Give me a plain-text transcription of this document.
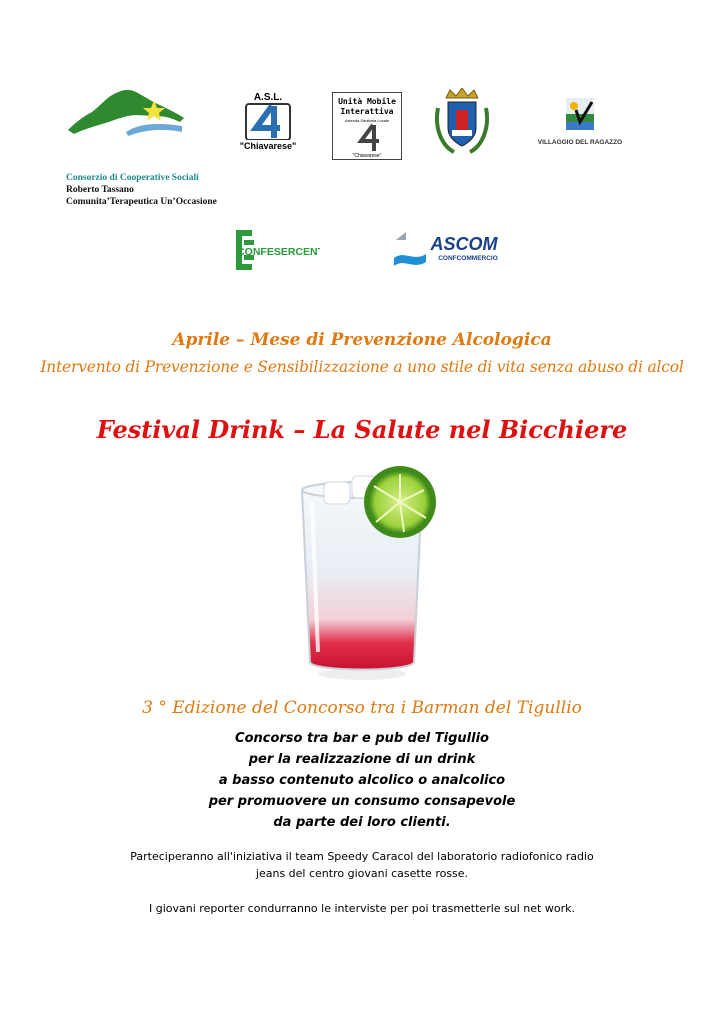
A.S.L.
"Chiavarese"
Unità Mobile
Interattiva
Azienda Sanitaria Locale
"Chiavarese"
VILLAGGIO DEL RAGAZZO
Consorzio di Cooperative Sociali
Roberto Tassano
Comunita’Terapeutica Un’Occasione
CONFESERCENTI	ASCOM
CONFCOMMERCIO
Aprile – Mese di Prevenzione Alcologica
Intervento di Prevenzione e Sensibilizzazione a uno stile di vita senza abuso di alcol
Festival Drink – La Salute nel Bicchiere
3 ° Edizione del Concorso tra i Barman del Tigullio
Concorso tra bar e pub del Tigullio
per la realizzazione di un drink
a basso contenuto alcolico o analcolico
per promuovere un consumo consapevole
da parte dei loro clienti.
Parteciperanno all'iniziativa il team Speedy Caracol del laboratorio radiofonico radio
jeans del centro giovani casette rosse.
I giovani reporter condurranno le interviste per poi trasmetterle sul net work.
